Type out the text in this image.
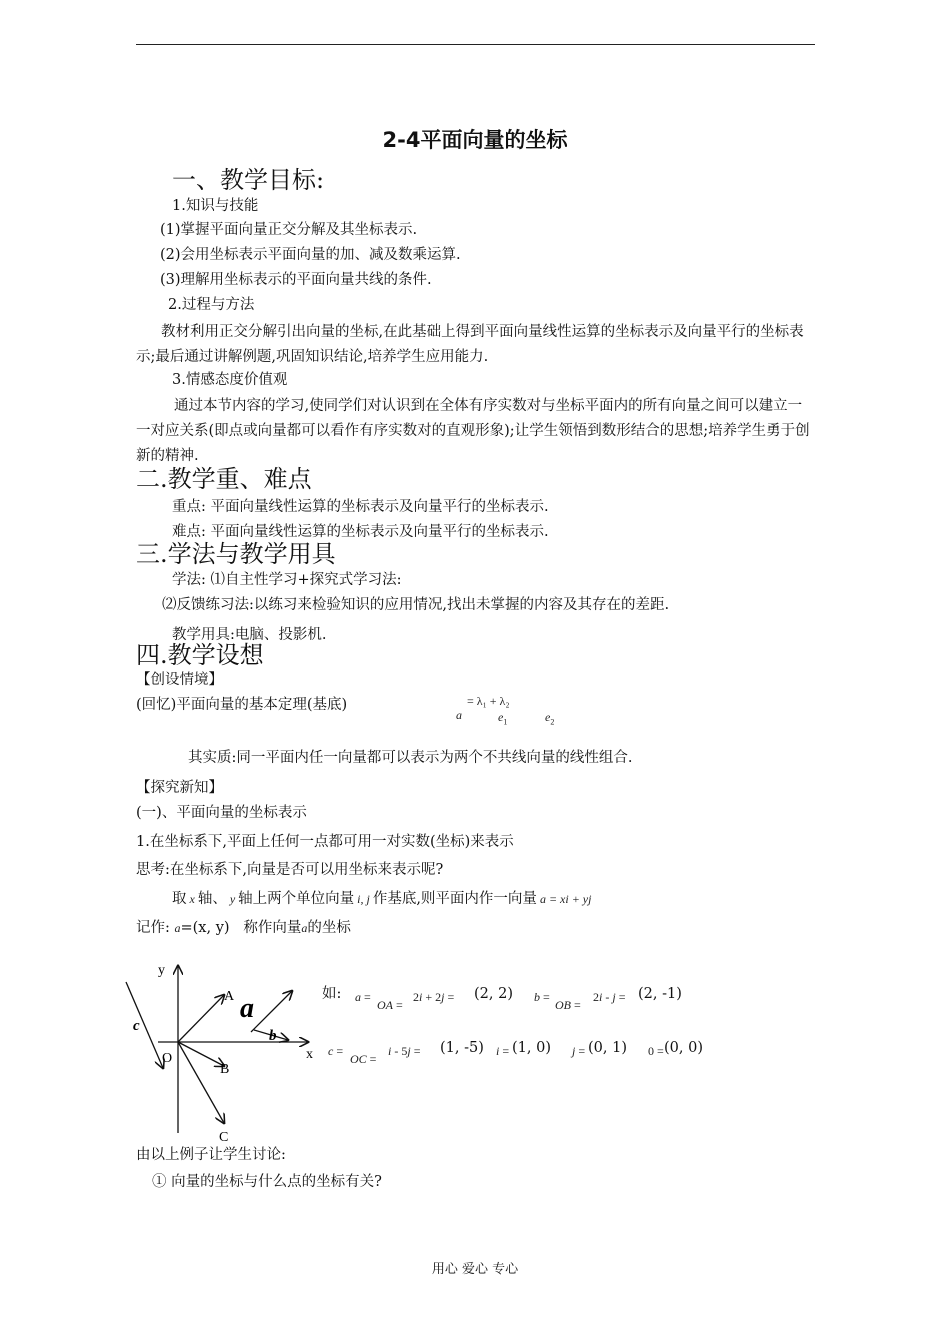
2-4平面向量的坐标
一、教学目标:
1.知识与技能
(1)掌握平面向量正交分解及其坐标表示.
(2)会用坐标表示平面向量的加、减及数乘运算.
(3)理解用坐标表示的平面向量共线的条件.
2.过程与方法
教材利用正交分解引出向量的坐标,在此基础上得到平面向量线性运算的坐标表示及向量平行的坐标表示;最后通过讲解例题,巩固知识结论,培养学生应用能力.
3.情感态度价值观
通过本节内容的学习,使同学们对认识到在全体有序实数对与坐标平面内的所有向量之间可以建立一一对应关系(即点或向量都可以看作有序实数对的直观形象);让学生领悟到数形结合的思想;培养学生勇于创新的精神.
二.教学重、难点
重点: 平面向量线性运算的坐标表示及向量平行的坐标表示.
难点: 平面向量线性运算的坐标表示及向量平行的坐标表示.
三.学法与教学用具
学法: ⑴自主性学习+探究式学习法:
⑵反馈练习法:以练习来检验知识的应用情况,找出未掌握的内容及其存在的差距.
教学用具:电脑、投影机.
四.教学设想
【创设情境】
(回忆)平面向量的基本定理(基底)	= λ₁ + λ₂
a	$e_1$	$e_2$
其实质:同一平面内任一向量都可以表示为两个不共线向量的线性组合.
【探究新知】
(一)、平面向量的坐标表示
1.在坐标系下,平面上任何一点都可用一对实数(坐标)来表示
思考:在坐标系下,向量是否可以用坐标来表示呢?
取 x 轴、 y 轴上两个单位向量 i, j 作基底,则平面内作一向量 a = xi + yj
记作: a=(x, y) 称作向量a的坐标
y
x
O
A
B
C
a
b
c
如: a =
OA =
2i + 2j = (2, 2) b =
OB =
2i - j = (2, -1)
c =
OC =
i - 5j = (1, -5) i = (1, 0) j = (0, 1) 0 = (0, 0)
由以上例子让学生讨论:
① 向量的坐标与什么点的坐标有关?
用心 爱心 专心
